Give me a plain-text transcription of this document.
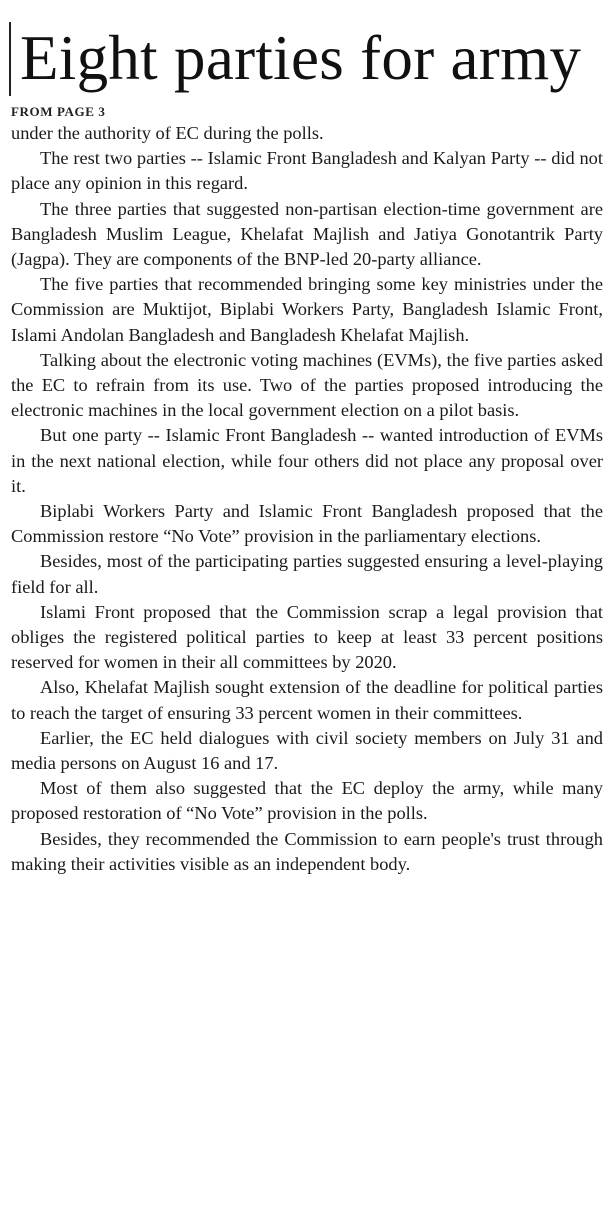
Eight parties for army

FROM PAGE 3

under the authority of EC during the polls.

The rest two parties -- Islamic Front Bangladesh and Kalyan Party -- did not place any opinion in this regard.

The three parties that suggested non-partisan election-time government are Bangladesh Muslim League, Khelafat Majlish and Jatiya Gonotantrik Party (Jagpa). They are components of the BNP-led 20-party alliance.

The five parties that recommended bringing some key ministries under the Commission are Muktijot, Biplabi Workers Party, Bangladesh Islamic Front, Islami Andolan Bangladesh and Bangladesh Khelafat Majlish.

Talking about the electronic voting machines (EVMs), the five parties asked the EC to refrain from its use. Two of the parties proposed introducing the electronic machines in the local government election on a pilot basis.

But one party -- Islamic Front Bangladesh -- wanted introduction of EVMs in the next national election, while four others did not place any proposal over it.

Biplabi Workers Party and Islamic Front Bangladesh proposed that the Commission restore “No Vote” provision in the parliamentary elections.

Besides, most of the participating parties suggested ensuring a level-playing field for all.

Islami Front proposed that the Commission scrap a legal provision that obliges the registered political parties to keep at least 33 percent positions reserved for women in their all committees by 2020.

Also, Khelafat Majlish sought extension of the deadline for political parties to reach the target of ensuring 33 percent women in their committees.

Earlier, the EC held dialogues with civil society members on July 31 and media persons on August 16 and 17.

Most of them also suggested that the EC deploy the army, while many proposed restoration of “No Vote” provision in the polls.

Besides, they recommended the Commission to earn people's trust through making their activities visible as an independent body.
